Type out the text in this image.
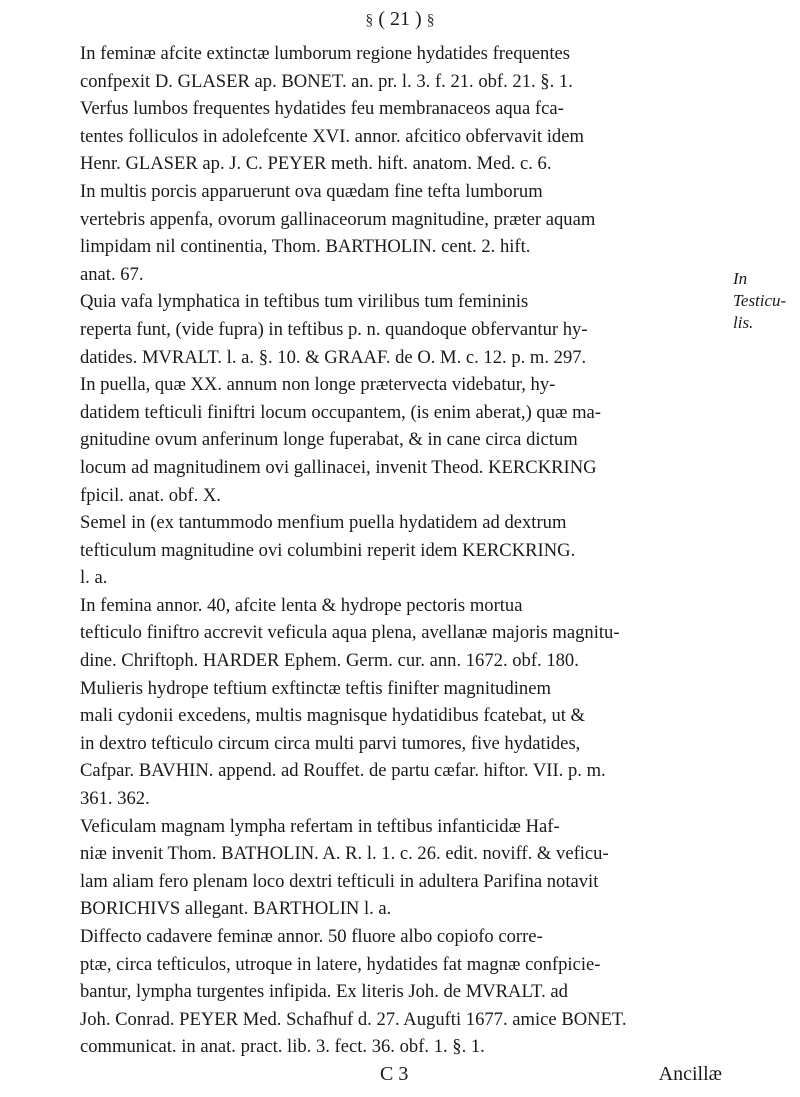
§ ( 21 ) §
In Testicu-lis.
In feminæ afcite extinctæ lumborum regione hydatides frequentes
confpexit D. GLASER ap. BONET. an. pr. l. 3. f. 21. obf. 21. §. 1.
Verfus lumbos frequentes hydatides feu membranaceos aqua fca-
tentes folliculos in adolefcente XVI. annor. afcitico obfervavit idem
Henr. GLASER ap. J. C. PEYER meth. hift. anatom. Med. c. 6.
In multis porcis apparuerunt ova quædam fine tefta lumborum
vertebris appenfa, ovorum gallinaceorum magnitudine, præter aquam
limpidam nil continentia, Thom. BARTHOLIN. cent. 2. hift.
anat. 67.
Quia vafa lymphatica in teftibus tum virilibus tum femininis
reperta funt, (vide fupra) in teftibus p. n. quandoque obfervantur hy-
datides. MVRALT. l. a. §. 10. & GRAAF. de O. M. c. 12. p. m. 297.
In puella, quæ XX. annum non longe prætervecta videbatur, hy-
datidem tefticuli finiftri locum occupantem, (is enim aberat,) quæ ma-
gnitudine ovum anferinum longe fuperabat, & in cane circa dictum
locum ad magnitudinem ovi gallinacei, invenit Theod. KERCKRING
fpicil. anat. obf. X.
Semel in (ex tantummodo menfium puella hydatidem ad dextrum
tefticulum magnitudine ovi columbini reperit idem KERCKRING.
l. a.
In femina annor. 40, afcite lenta & hydrope pectoris mortua
tefticulo finiftro accrevit veficula aqua plena, avellanæ majoris magnitu-
dine. Chriftoph. HARDER Ephem. Germ. cur. ann. 1672. obf. 180.
Mulieris hydrope teftium exftinctæ teftis finifter magnitudinem
mali cydonii excedens, multis magnisque hydatidibus fcatebat, ut &
in dextro tefticulo circum circa multi parvi tumores, five hydatides,
Cafpar. BAVHIN. append. ad Rouffet. de partu cæfar. hiftor. VII. p. m.
361. 362.
Veficulam magnam lympha refertam in teftibus infanticidæ Haf-
niæ invenit Thom. BATHOLIN. A. R. l. 1. c. 26. edit. noviff. & veficu-
lam aliam fero plenam loco dextri tefticuli in adultera Parifina notavit
BORICHIVS allegant. BARTHOLIN l. a.
Diffecto cadavere feminæ annor. 50 fluore albo copiofo corre-
ptæ, circa tefticulos, utroque in latere, hydatides fat magnæ confpicie-
bantur, lympha turgentes infipida. Ex literis Joh. de MVRALT. ad
Joh. Conrad. PEYER Med. Schafhuf d. 27. Augufti 1677. amice BONET.
communicat. in anat. pract. lib. 3. fect. 36. obf. 1. §. 1.
C 3	Ancillæ
